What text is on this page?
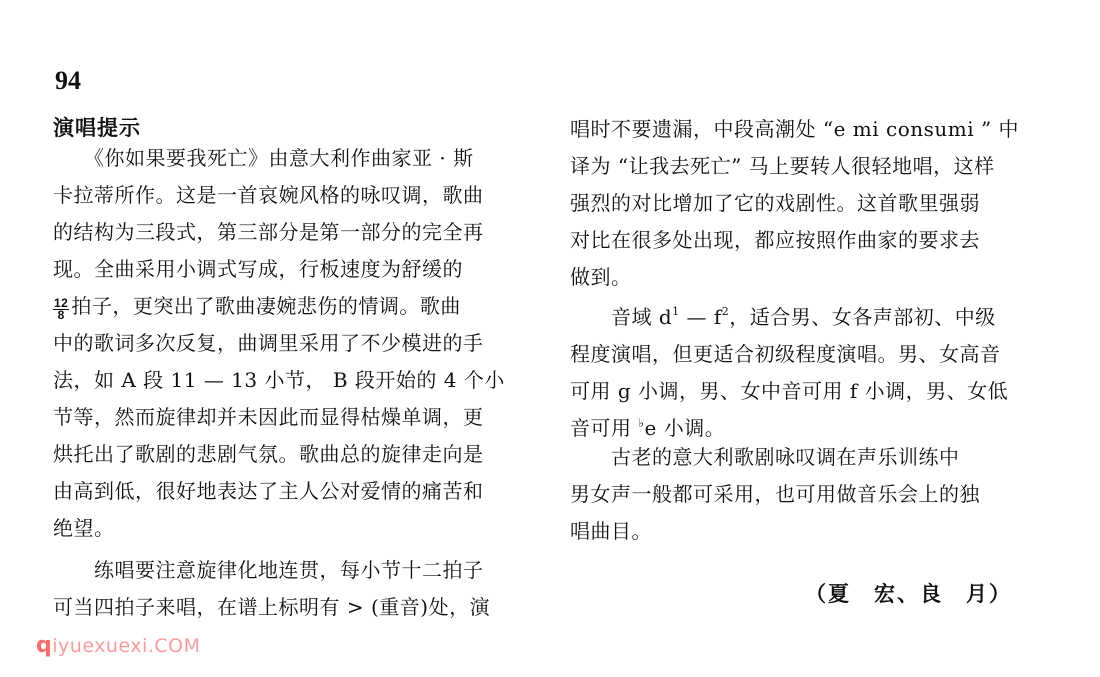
94
演唱提示
　　《你如果要我死亡》由意大利作曲家亚 · 斯
卡拉蒂所作。这是一首哀婉风格的咏叹调，歌曲
的结构为三段式，第三部分是第一部分的完全再
现。全曲采用小调式写成，行板速度为舒缓的
$\frac{12}{8}$ 拍子，更突出了歌曲凄婉悲伤的情调。歌曲
中的歌词多次反复，曲调里采用了不少模进的手
法，如 A 段 11 — 13 小节， B 段开始的 4 个小
节等，然而旋律却并未因此而显得枯燥单调，更
烘托出了歌剧的悲剧气氛。歌曲总的旋律走向是
由高到低，很好地表达了主人公对爱情的痛苦和
绝望。
　　练唱要注意旋律化地连贯，每小节十二拍子
可当四拍子来唱，在谱上标明有 > (重音)处，演
唱时不要遗漏，中段高潮处 “e mi consumi ” 中
译为 “让我去死亡” 马上要转人很轻地唱，这样
强烈的对比增加了它的戏剧性。这首歌里强弱
对比在很多处出现，都应按照作曲家的要求去
做到。
　　音域 $d^1$ — $f^2$，适合男、女各声部初、中级
程度演唱，但更适合初级程度演唱。男、女高音
可用 g 小调，男、女中音可用 f 小调，男、女低
音可用 ♭e 小调。
　　古老的意大利歌剧咏叹调在声乐训练中
男女声一般都可采用，也可用做音乐会上的独
唱曲目。
（夏　宏、良　月）
qiyuexuexi.COM
